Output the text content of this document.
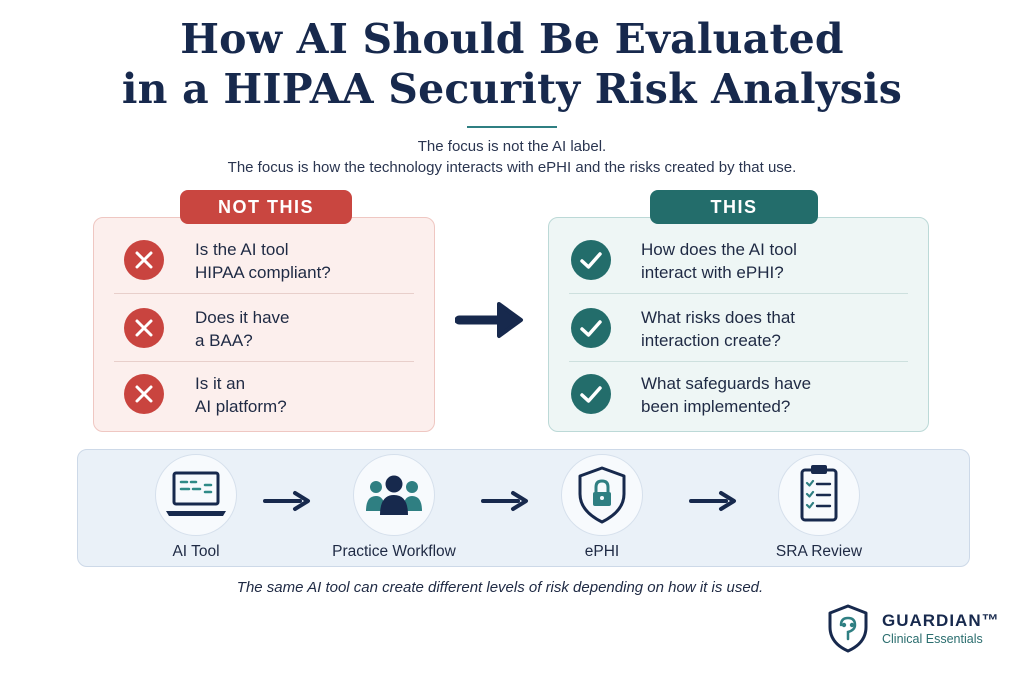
How AI Should Be Evaluated
in a HIPAA Security Risk Analysis
The focus is not the AI label.
The focus is how the technology interacts with ePHI and the risks created by that use.
Is the AI tool
HIPAA compliant?
Does it have
a BAA?
Is it an
AI platform?
NOT THIS
How does the AI tool
interact with ePHI?
What risks does that
interaction create?
What safeguards have
been implemented?
THIS
AI Tool	Practice Workflow	ePHI	SRA Review
The same AI tool can create different levels of risk depending on how it is used.
GUARDIAN™
Clinical Essentials
